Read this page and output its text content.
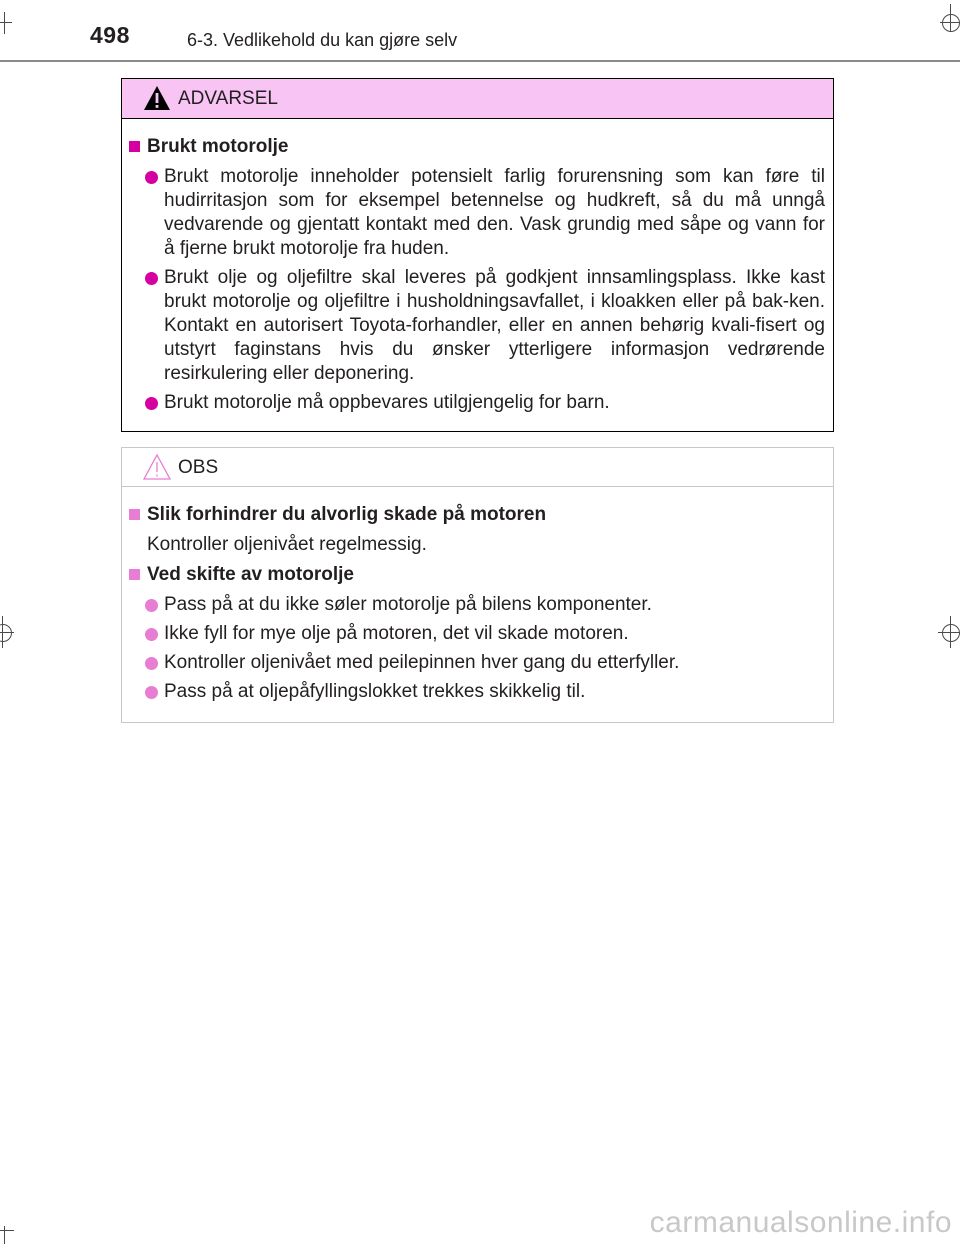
498	6-3. Vedlikehold du kan gjøre selv
ADVARSEL
Brukt motorolje
Brukt motorolje inneholder potensielt farlig forurensning som kan føre til hudirritasjon som for eksempel betennelse og hudkreft, så du må unngå vedvarende og gjentatt kontakt med den. Vask grundig med såpe og vann for å fjerne brukt motorolje fra huden.
Brukt olje og oljefiltre skal leveres på godkjent innsamlingsplass. Ikke kast brukt motorolje og oljefiltre i husholdningsavfallet, i kloakken eller på bak-ken. Kontakt en autorisert Toyota-forhandler, eller en annen behørig kvali-fisert og utstyrt faginstans hvis du ønsker ytterligere informasjon vedrørende resirkulering eller deponering.
Brukt motorolje må oppbevares utilgjengelig for barn.
OBS
Slik forhindrer du alvorlig skade på motoren
Kontroller oljenivået regelmessig.
Ved skifte av motorolje
Pass på at du ikke søler motorolje på bilens komponenter.
Ikke fyll for mye olje på motoren, det vil skade motoren.
Kontroller oljenivået med peilepinnen hver gang du etterfyller.
Pass på at oljepåfyllingslokket trekkes skikkelig til.
carmanualsonline.info
